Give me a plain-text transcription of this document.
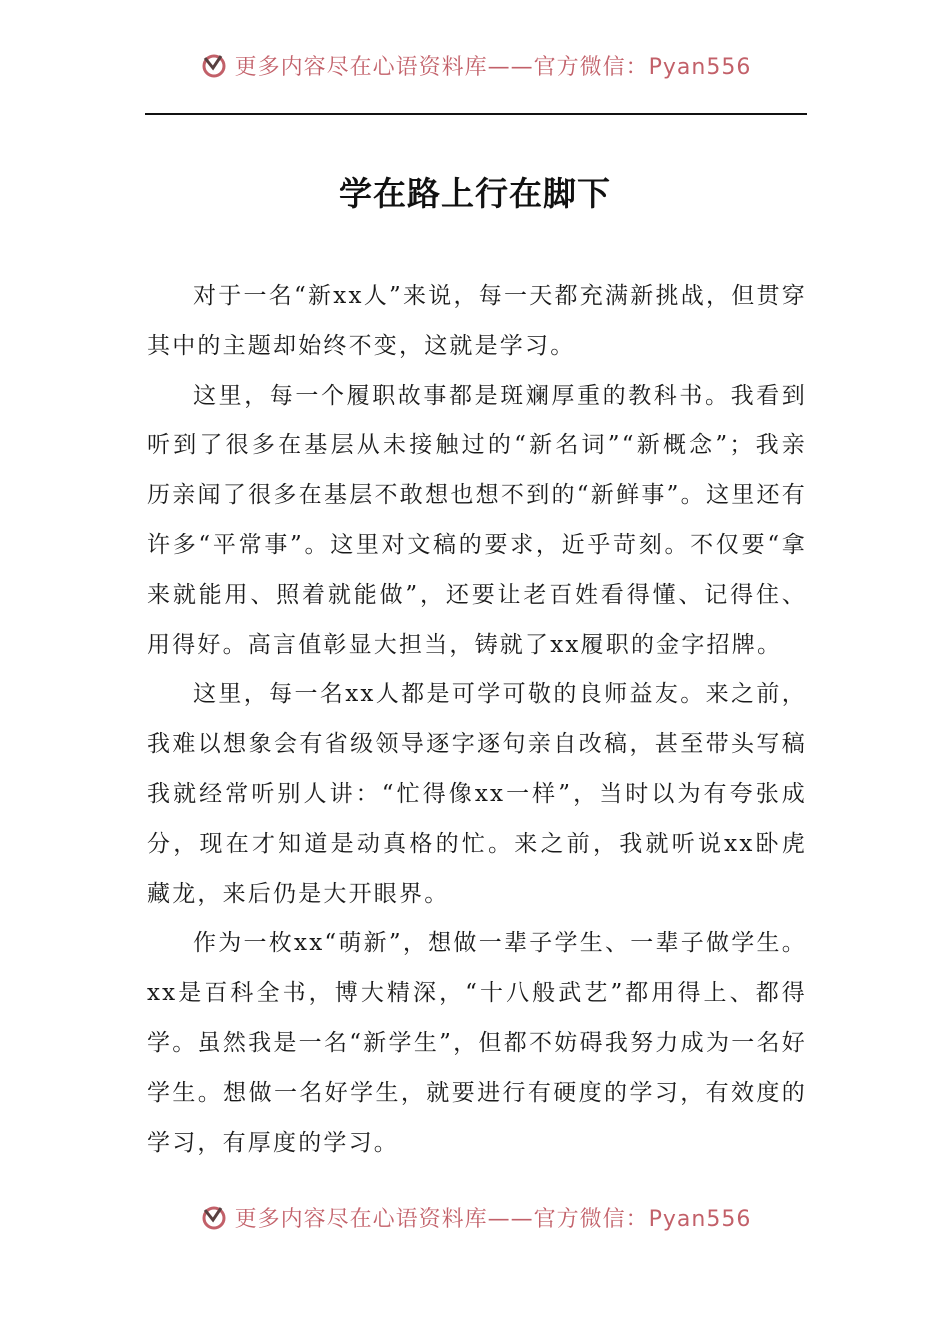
更多内容尽在心语资料库——官方微信：Pyan556
学在路上行在脚下

对于一名“新xx人”来说，每一天都充满新挑战，但贯穿其中的主题却始终不变，这就是学习。

这里，每一个履职故事都是斑斓厚重的教科书。我看到听到了很多在基层从未接触过的“新名词”“新概念”；我亲历亲闻了很多在基层不敢想也想不到的“新鲜事”。这里还有许多“平常事”。这里对文稿的要求，近乎苛刻。不仅要“拿来就能用、照着就能做”，还要让老百姓看得懂、记得住、用得好。高言值彰显大担当，铸就了xx履职的金字招牌。

这里，每一名xx人都是可学可敬的良师益友。来之前，我难以想象会有省级领导逐字逐句亲自改稿，甚至带头写稿我就经常听别人讲：“忙得像xx一样”，当时以为有夸张成分，现在才知道是动真格的忙。来之前，我就听说xx卧虎藏龙，来后仍是大开眼界。

作为一枚xx“萌新”，想做一辈子学生、一辈子做学生。xx是百科全书，博大精深，“十八般武艺”都用得上、都得学。虽然我是一名“新学生”，但都不妨碍我努力成为一名好学生。想做一名好学生，就要进行有硬度的学习，有效度的学习，有厚度的学习。

更多内容尽在心语资料库——官方微信：Pyan556
